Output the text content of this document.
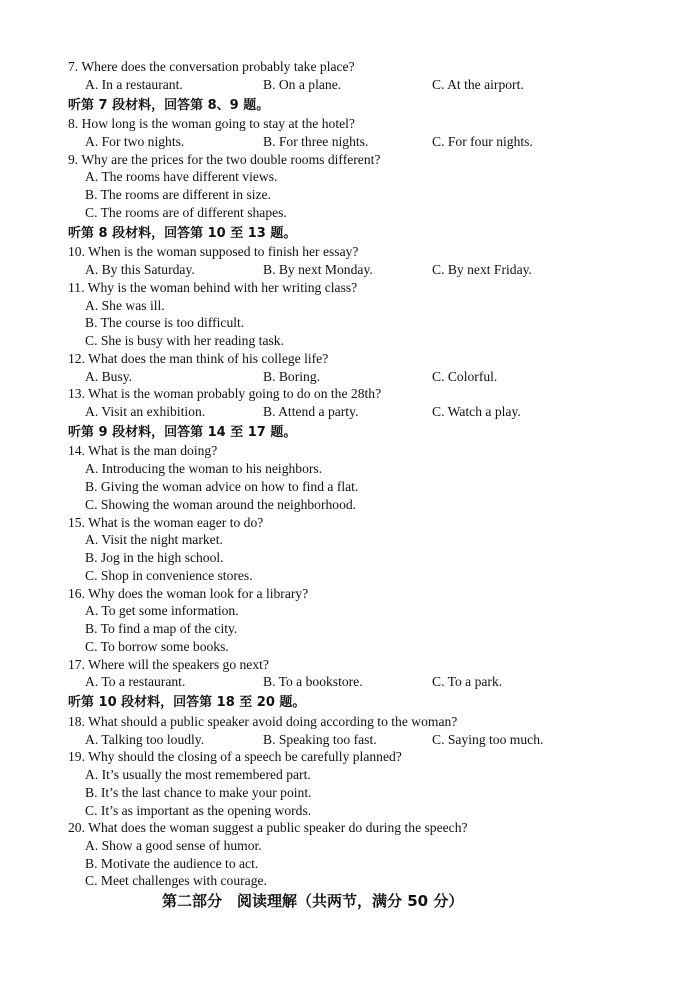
7. Where does the conversation probably take place?
A. In a restaurant.	B. On a plane.	C. At the airport.
听第 7 段材料，回答第 8、9 题。
8. How long is the woman going to stay at the hotel?
A. For two nights.	B. For three nights.	C. For four nights.
9. Why are the prices for the two double rooms different?
A. The rooms have different views.
B. The rooms are different in size.
C. The rooms are of different shapes.
听第 8 段材料，回答第 10 至 13 题。
10. When is the woman supposed to finish her essay?
A. By this Saturday.	B. By next Monday.	C. By next Friday.
11. Why is the woman behind with her writing class?
A. She was ill.
B. The course is too difficult.
C. She is busy with her reading task.
12. What does the man think of his college life?
A. Busy.	B. Boring.	C. Colorful.
13. What is the woman probably going to do on the 28th?
A. Visit an exhibition.	B. Attend a party.	C. Watch a play.
听第 9 段材料，回答第 14 至 17 题。
14. What is the man doing?
A. Introducing the woman to his neighbors.
B. Giving the woman advice on how to find a flat.
C. Showing the woman around the neighborhood.
15. What is the woman eager to do?
A. Visit the night market.
B. Jog in the high school.
C. Shop in convenience stores.
16. Why does the woman look for a library?
A. To get some information.
B. To find a map of the city.
C. To borrow some books.
17. Where will the speakers go next?
A. To a restaurant.	B. To a bookstore.	C. To a park.
听第 10 段材料，回答第 18 至 20 题。
18. What should a public speaker avoid doing according to the woman?
A. Talking too loudly.	B. Speaking too fast.	C. Saying too much.
19. Why should the closing of a speech be carefully planned?
A. It’s usually the most remembered part.
B. It’s the last chance to make your point.
C. It’s as important as the opening words.
20. What does the woman suggest a public speaker do during the speech?
A. Show a good sense of humor.
B. Motivate the audience to act.
C. Meet challenges with courage.
第二部分　阅读理解（共两节，满分 50 分）
